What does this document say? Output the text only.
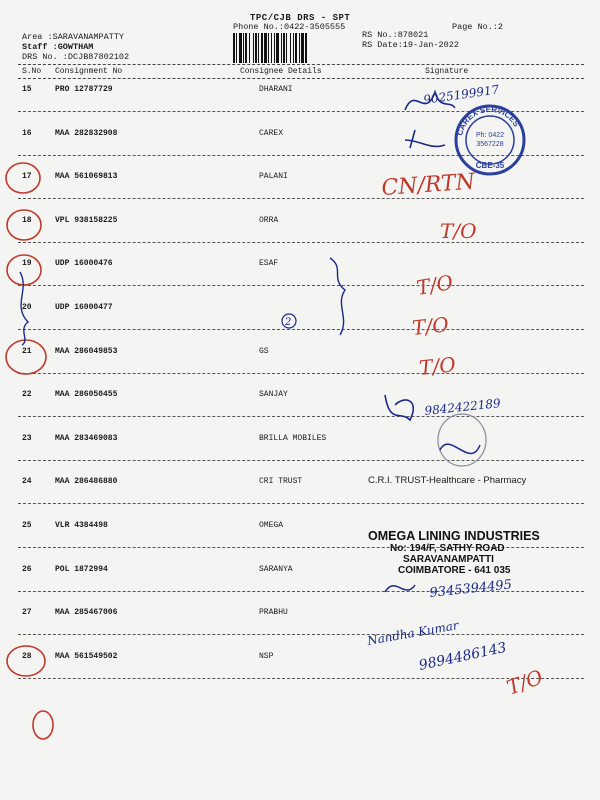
TPC/CJB DRS - SPT
Phone No.:0422-3505555	Page No.:2
Area :SARAVANAMPATTY
Staff :GOWTHAM
DRS No. :DCJB87802102
RS No.:878021
RS Date:19-Jan-2022
S.No Consignment No	Consignee Details	Signature
15	PRO 12787729	DHARANI
16	MAA 282832908	CAREX
17	MAA 561069813	PALANI
18	VPL 938158225	ORRA
19	UDP 16000476	ESAF
20	UDP 16000477
21	MAA 286049853	GS
22	MAA 286050455	SANJAY
23	MAA 283469083	BRILLA MOBILES
24	MAA 286486880	CRI TRUST
25	VLR 4384498	OMEGA
26	POL 1872994	SARANYA
27	MAA 285467006	PRABHU
28	MAA 561549502	NSP
CAREX SERVICES
Ph: 0422
3567228
CBE-35
9025199917
CN/RTN
T/O
T/O
T/O
T/O
9842422189
9345394495
Nandha Kumar
9894486143
T/O
2
C.R.I. TRUST-Healthcare - Pharmacy
OMEGA LINING INDUSTRIES
No: 194/F, SATHY ROAD
SARAVANAMPATTI
COIMBATORE - 641 035
